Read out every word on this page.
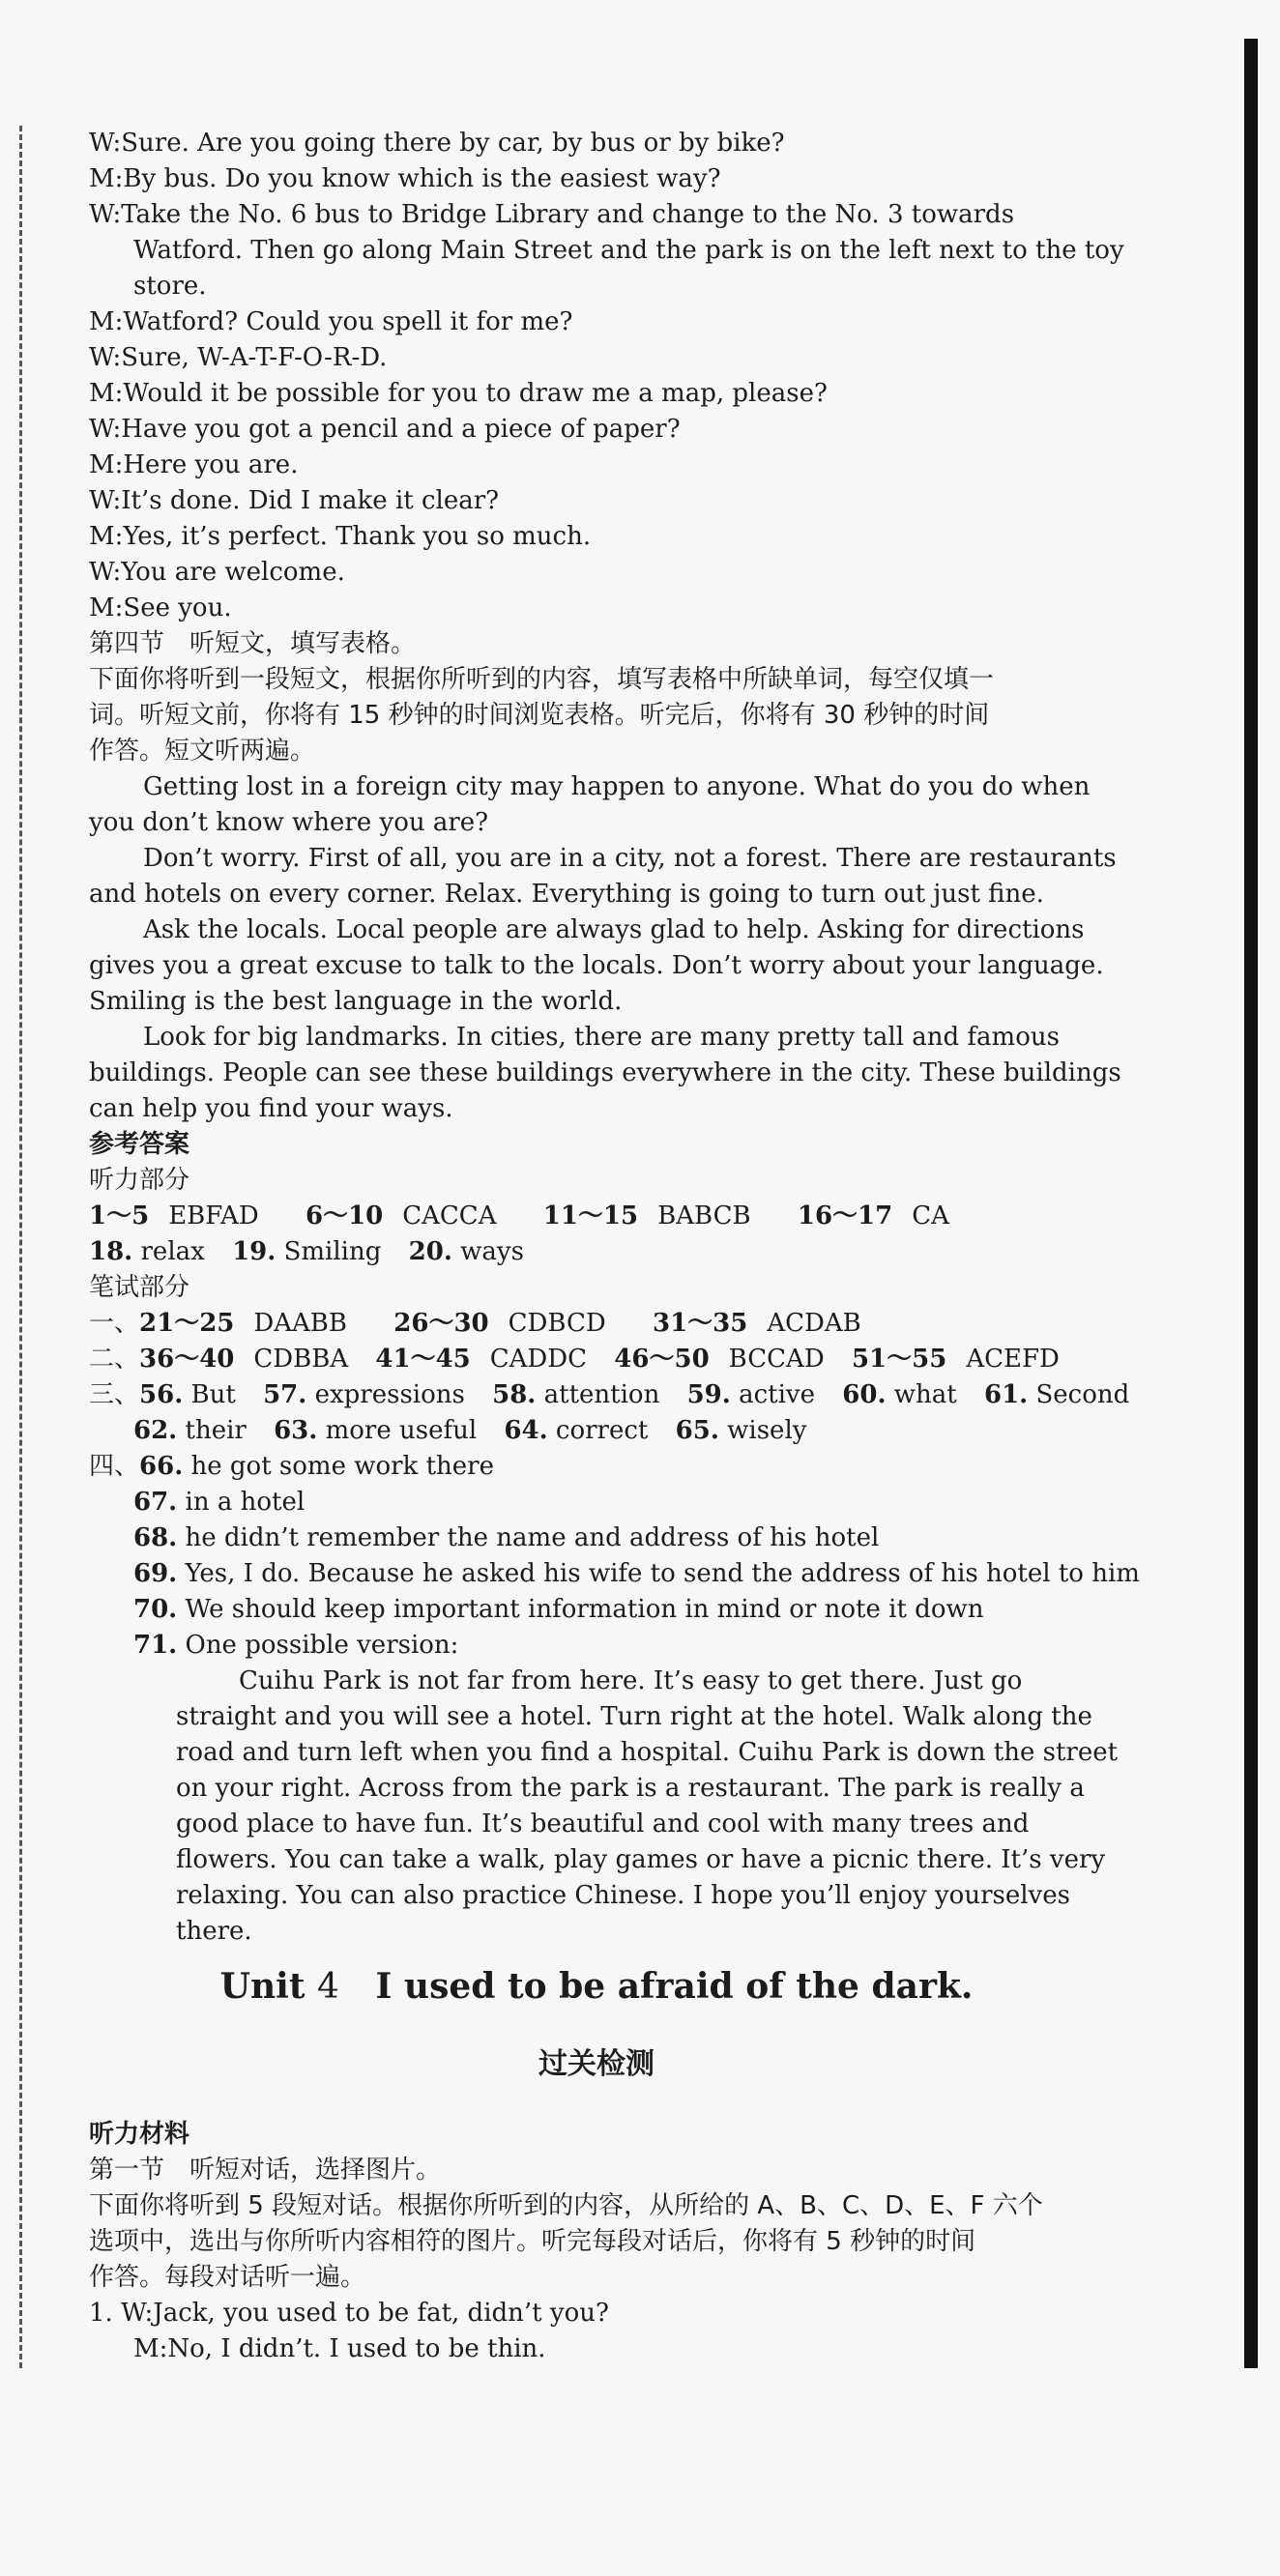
W:Sure. Are you going there by car, by bus or by bike?
M:By bus. Do you know which is the easiest way?
W:Take the No. 6 bus to Bridge Library and change to the No. 3 towards
Watford. Then go along Main Street and the park is on the left next to the toy
store.
M:Watford? Could you spell it for me?
W:Sure, W-A-T-F-O-R-D.
M:Would it be possible for you to draw me a map, please?
W:Have you got a pencil and a piece of paper?
M:Here you are.
W:It’s done. Did I make it clear?
M:Yes, it’s perfect. Thank you so much.
W:You are welcome.
M:See you.
第四节　听短文，填写表格。
下面你将听到一段短文，根据你所听到的内容，填写表格中所缺单词，每空仅填一
词。听短文前，你将有 15 秒钟的时间浏览表格。听完后，你将有 30 秒钟的时间
作答。短文听两遍。
Getting lost in a foreign city may happen to anyone. What do you do when
you don’t know where you are?
Don’t worry. First of all, you are in a city, not a forest. There are restaurants
and hotels on every corner. Relax. Everything is going to turn out just fine.
Ask the locals. Local people are always glad to help. Asking for directions
gives you a great excuse to talk to the locals. Don’t worry about your language.
Smiling is the best language in the world.
Look for big landmarks. In cities, there are many pretty tall and famous
buildings. People can see these buildings everywhere in the city. These buildings
can help you find your ways.
参考答案
听力部分
1～5 EBFAD 6～10 CACCA 11～15 BABCB 16～17 CA
18. relax 19. Smiling 20. ways
笔试部分
一、21～25 DAABB 26～30 CDBCD 31～35 ACDAB
二、36～40 CDBBA 41～45 CADDC 46～50 BCCAD 51～55 ACEFD
三、56. But 57. expressions 58. attention 59. active 60. what 61. Second
62. their 63. more useful 64. correct 65. wisely
四、66. he got some work there
67. in a hotel
68. he didn’t remember the name and address of his hotel
69. Yes, I do. Because he asked his wife to send the address of his hotel to him
70. We should keep important information in mind or note it down
71. One possible version:
Cuihu Park is not far from here. It’s easy to get there. Just go
straight and you will see a hotel. Turn right at the hotel. Walk along the
road and turn left when you find a hospital. Cuihu Park is down the street
on your right. Across from the park is a restaurant. The park is really a
good place to have fun. It’s beautiful and cool with many trees and
flowers. You can take a walk, play games or have a picnic there. It’s very
relaxing. You can also practice Chinese. I hope you’ll enjoy yourselves
there.
Unit 4 I used to be afraid of the dark.
过关检测
听力材料
第一节　听短对话，选择图片。
下面你将听到 5 段短对话。根据你所听到的内容，从所给的 A、B、C、D、E、F 六个
选项中，选出与你所听内容相符的图片。听完每段对话后，你将有 5 秒钟的时间
作答。每段对话听一遍。
1. W:Jack, you used to be fat, didn’t you?
M:No, I didn’t. I used to be thin.
